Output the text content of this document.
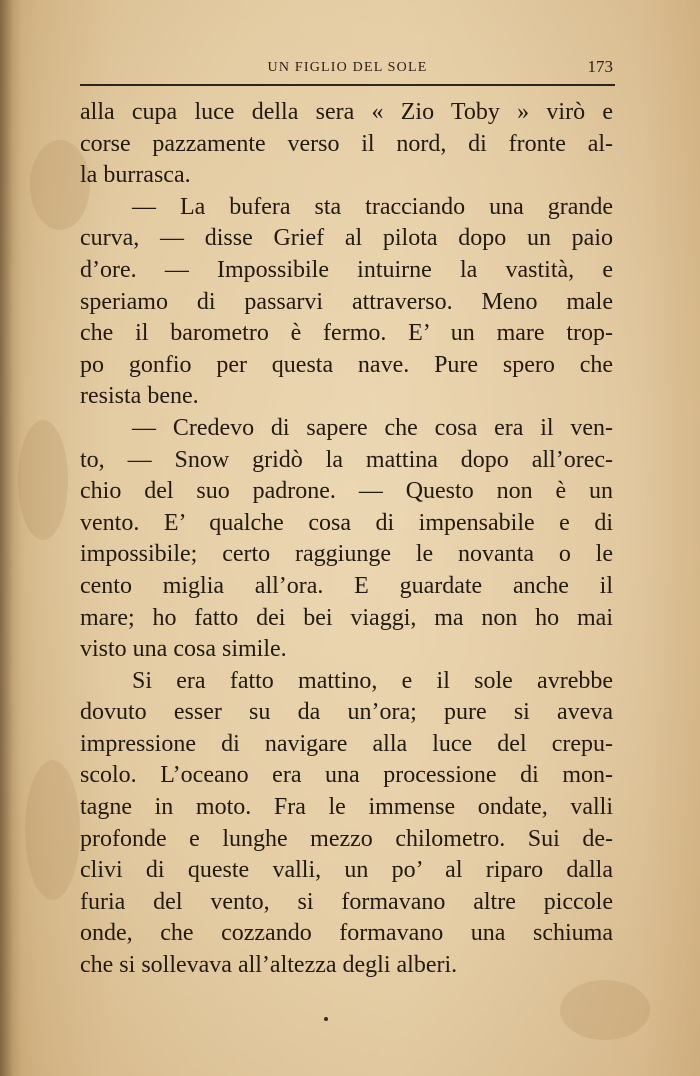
UN FIGLIO DEL SOLE	173
alla cupa luce della sera « Zio Toby » virò e
corse pazzamente verso il nord, di fronte al-
la burrasca.
— La bufera sta tracciando una grande
curva, — disse Grief al pilota dopo un paio
d’ore. — Impossibile intuirne la vastità, e
speriamo di passarvi attraverso. Meno male
che il barometro è fermo. E’ un mare trop-
po gonfio per questa nave. Pure spero che
resista bene.
— Credevo di sapere che cosa era il ven-
to, — Snow gridò la mattina dopo all’orec-
chio del suo padrone. — Questo non è un
vento. E’ qualche cosa di impensabile e di
impossibile; certo raggiunge le novanta o le
cento miglia all’ora. E guardate anche il
mare; ho fatto dei bei viaggi, ma non ho mai
visto una cosa simile.
Si era fatto mattino, e il sole avrebbe
dovuto esser su da un’ora; pure si aveva
impressione di navigare alla luce del crepu-
scolo. L’oceano era una processione di mon-
tagne in moto. Fra le immense ondate, valli
profonde e lunghe mezzo chilometro. Sui de-
clivi di queste valli, un po’ al riparo dalla
furia del vento, si formavano altre piccole
onde, che cozzando formavano una schiuma
che si sollevava all’altezza degli alberi.
